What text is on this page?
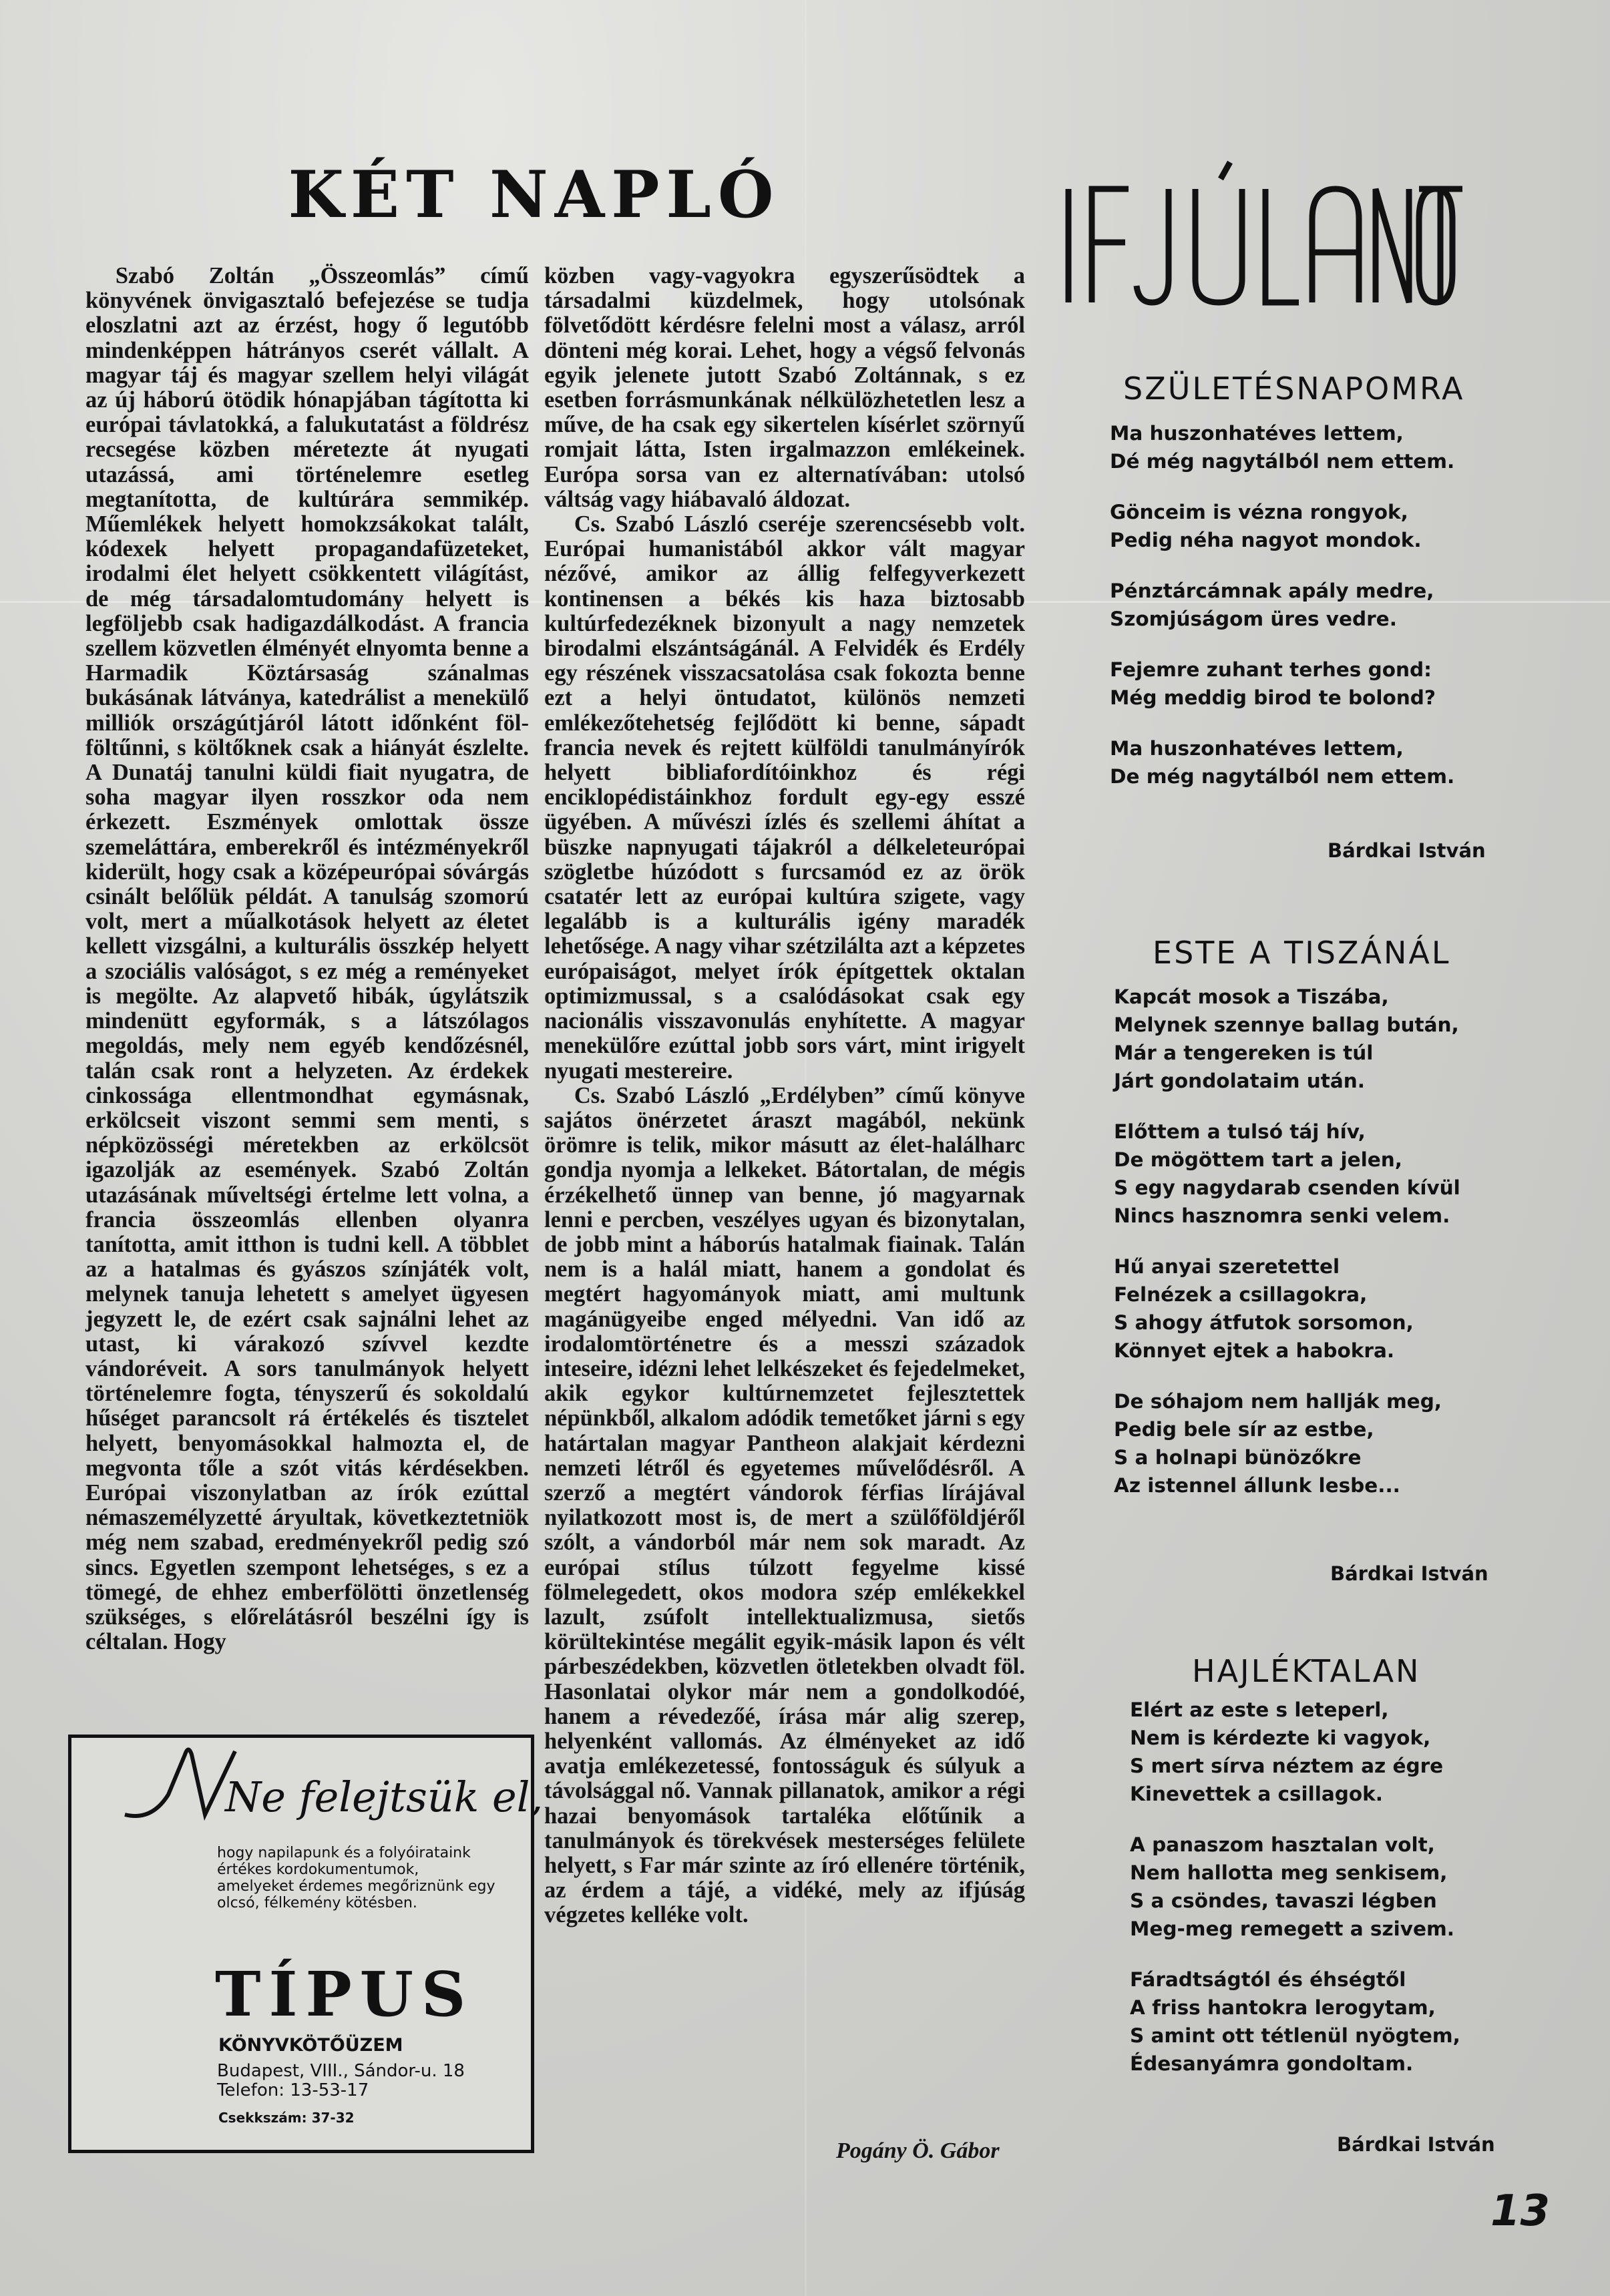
KÉT NAPLÓ

Szabó Zoltán „Összeomlás” című könyvének önvigasztaló befejezése se tudja eloszlatni azt az érzést, hogy ő legutóbb mindenképpen hátrányos cserét vállalt. A magyar táj és magyar szellem helyi világát az új háború ötödik hónapjában tágította ki európai távlatokká, a falukutatást a földrész recsegése közben méretezte át nyugati utazássá, ami történelemre esetleg megtanította, de kultúrára semmikép. Műemlékek helyett homokzsákokat talált, kódexek helyett propagandafüzeteket, irodalmi élet helyett csökkentett világítást, de még társadalomtudomány helyett is legföljebb csak hadigazdálkodást. A francia szellem közvetlen élményét elnyomta benne a Harmadik Köztársaság szánalmas bukásának látványa, katedrálist a menekülő milliók országútjáról látott időnként föl-föltűnni, s költőknek csak a hiányát észlelte. A Dunatáj tanulni küldi fiait nyugatra, de soha magyar ilyen rosszkor oda nem érkezett. Eszmények omlottak össze szemeláttára, emberekről és intézményekről kiderült, hogy csak a középeurópai sóvárgás csinált belőlük példát. A tanulság szomorú volt, mert a műalkotások helyett az életet kellett vizsgálni, a kulturális összkép helyett a szociális valóságot, s ez még a reményeket is megölte. Az alapvető hibák, úgylátszik mindenütt egyformák, s a látszólagos megoldás, mely nem egyéb kendőzésnél, talán csak ront a helyzeten. Az érdekek cinkossága ellentmondhat egymásnak, erkölcseit viszont semmi sem menti, s népközösségi méretekben az erkölcsöt igazolják az események. Szabó Zoltán utazásának műveltségi értelme lett volna, a francia összeomlás ellenben olyanra tanította, amit itthon is tudni kell. A többlet az a hatalmas és gyászos színjáték volt, melynek tanuja lehetett s amelyet ügyesen jegyzett le, de ezért csak sajnálni lehet az utast, ki várakozó szívvel kezdte vándoréveit. A sors tanulmányok helyett történelemre fogta, tényszerű és sokoldalú hűséget parancsolt rá értékelés és tisztelet helyett, benyomásokkal halmozta el, de megvonta tőle a szót vitás kérdésekben. Európai viszonylatban az írók ezúttal némaszemélyzetté áryultak, következtetniök még nem szabad, eredményekről pedig szó sincs. Egyetlen szempont lehetséges, s ez a tömegé, de ehhez emberfölötti önzetlenség szükséges, s előrelátásról beszélni így is céltalan. Hogy

közben vagy-vagyokra egyszerűsödtek a társadalmi küzdelmek, hogy utolsónak fölvetődött kérdésre felelni most a válasz, arról dönteni még korai. Lehet, hogy a végső felvonás egyik jelenete jutott Szabó Zoltánnak, s ez esetben forrásmunkának nélkülözhetetlen lesz a műve, de ha csak egy sikertelen kísérlet szörnyű romjait látta, Isten irgalmazzon emlékeinek. Európa sorsa van ez alternatívában: utolsó váltság vagy hiábavaló áldozat.

Cs. Szabó László cseréje szerencsésebb volt. Európai humanistából akkor vált magyar nézővé, amikor az állig felfegyverkezett kontinensen a békés kis haza biztosabb kultúrfedezéknek bizonyult a nagy nemzetek birodalmi elszántságánál. A Felvidék és Erdély egy részének visszacsatolása csak fokozta benne ezt a helyi öntudatot, különös nemzeti emlékezőtehetség fejlődött ki benne, sápadt francia nevek és rejtett külföldi tanulmányírók helyett bibliafordítóinkhoz és régi enciklopédistáinkhoz fordult egy-egy esszé ügyében. A művészi ízlés és szellemi áhítat a büszke napnyugati tájakról a délkeleteurópai szögletbe húzódott s furcsamód ez az örök csatatér lett az európai kultúra szigete, vagy legalább is a kulturális igény maradék lehetősége. A nagy vihar szétzilálta azt a képzetes európaiságot, melyet írók építgettek oktalan optimizmussal, s a csalódásokat csak egy nacionális visszavonulás enyhítette. A magyar menekülőre ezúttal jobb sors várt, mint irigyelt nyugati mestereire.

Cs. Szabó László „Erdélyben” című könyve sajátos önérzetet áraszt magából, nekünk örömre is telik, mikor másutt az élet-halálharc gondja nyomja a lelkeket. Bátortalan, de mégis érzékelhető ünnep van benne, jó magyarnak lenni e percben, veszélyes ugyan és bizonytalan, de jobb mint a háborús hatalmak fiainak. Talán nem is a halál miatt, hanem a gondolat és megtért hagyományok miatt, ami multunk magánügyeibe enged mélyedni. Van idő az irodalomtörténetre és a messzi századok inteseire, idézni lehet lelkészeket és fejedelmeket, akik egykor kultúrnemzetet fejlesztettek népünkből, alkalom adódik temetőket járni s egy határtalan magyar Pantheon alakjait kérdezni nemzeti létről és egyetemes művelődésről. A szerző a megtért vándorok férfias lírájával nyilatkozott most is, de mert a szülőföldjéről szólt, a vándorból már nem sok maradt. Az európai stílus túlzott fegyelme kissé fölmelegedett, okos modora szép emlékekkel lazult, zsúfolt intellektualizmusa, sietős körültekintése megálit egyik-másik lapon és vélt párbeszédekben, közvetlen ötletekben olvadt föl. Hasonlatai olykor már nem a gondolkodóé, hanem a révedezőé, írása már alig szerep, helyenként vallomás. Az élményeket az idő avatja emlékezetessé, fontosságuk és súlyuk a távolsággal nő. Vannak pillanatok, amikor a régi hazai benyomások tartalékа előtűnik a tanulmányok és törekvések mesterséges felülete helyett, s Far már szinte az író ellenére történik, az érdem a tájé, a vidéké, mely az ifjúság végzetes kelléke volt.

Pogány Ö. Gábor
IFJÚ LANTON
SZÜLETÉSNAPOMRA
Ma huszonhatéves lettem,
Dé még nagytálból nem ettem.
Gönceim is vézna rongyok,
Pedig néha nagyot mondok.
Pénztárcámnak apály medre,
Szomjúságom üres vedre.
Fejemre zuhant terhes gond:
Még meddig birod te bolond?
Ma huszonhatéves lettem,
De még nagytálból nem ettem.
Bárdkai István
ESTE A TISZÁNÁL
Kapcát mosok a Tiszába,
Melynek szennye ballag bután,
Már a tengereken is túl
Járt gondolataim után.
Előttem a tulsó táj hív,
De mögöttem tart a jelen,
S egy nagydarab csenden kívül
Nincs hasznomra senki velem.
Hű anyai szeretettel
Felnézek a csillagokra,
S ahogy átfutok sorsomon,
Könnyet ejtek a habokra.
De sóhajom nem hallják meg,
Pedig bele sír az estbe,
S a holnapi bünözőkre
Az istennel állunk lesbe...
Bárdkai István
HAJLÉKTALAN
Elért az este s leteperl,
Nem is kérdezte ki vagyok,
S mert sírva néztem az égre
Kinevettek a csillagok.
A panaszom hasztalan volt,
Nem hallotta meg senkisem,
S a csöndes, tavaszi légben
Meg-meg remegett a szivem.
Fáradtságtól és éhségtől
A friss hantokra lerogytam,
S amint ott tétlenül nyögtem,
Édesanyámra gondoltam.
Bárdkai István
Ne felejtsük el,
hogy napilapunk és a folyóirataink értékes kordokumentumok, amelyeket érdemes megőriznünk egy olcsó, félkemény kötésben.
TÍPUS
KÖNYVKÖTŐÜZEM
Budapest, VIII., Sándor-u. 18
Telefon: 13-53-17
Csekkszám: 37-32
13
